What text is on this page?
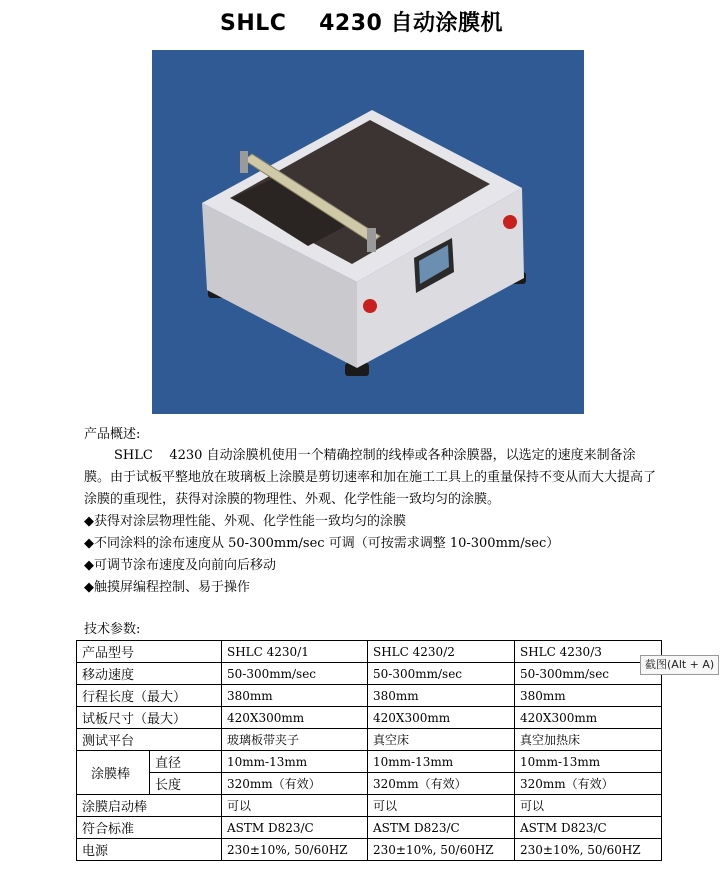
SHLC    4230 自动涂膜机
产品概述:
SHLC    4230 自动涂膜机使用一个精确控制的线棒或各种涂膜器，以选定的速度来制备涂膜。由于试板平整地放在玻璃板上涂膜是剪切速率和加在施工工具上的重量保持不变从而大大提高了涂膜的重现性，获得对涂膜的物理性、外观、化学性能一致均匀的涂膜。
◆获得对涂层物理性能、外观、化学性能一致均匀的涂膜
◆不同涂料的涂布速度从 50-300mm/sec 可调（可按需求调整 10-300mm/sec）
◆可调节涂布速度及向前向后移动
◆触摸屏编程控制、易于操作
技术参数:
产品型号		SHLC 4230/1	SHLC 4230/2	SHLC 4230/3
移动速度		50-300mm/sec	50-300mm/sec	50-300mm/sec
行程长度（最大）		380mm	380mm	380mm
试板尺寸（最大）		420X300mm	420X300mm	420X300mm
测试平台		玻璃板带夹子	真空床	真空加热床
涂膜棒	直径	10mm-13mm	10mm-13mm	10mm-13mm
	长度	320mm（有效）	320mm（有效）	320mm（有效）
涂膜启动棒		可以	可以	可以
符合标准		ASTM D823/C	ASTM D823/C	ASTM D823/C
电源		230±10%, 50/60HZ	230±10%, 50/60HZ	230±10%, 50/60HZ
截图(Alt + A)
